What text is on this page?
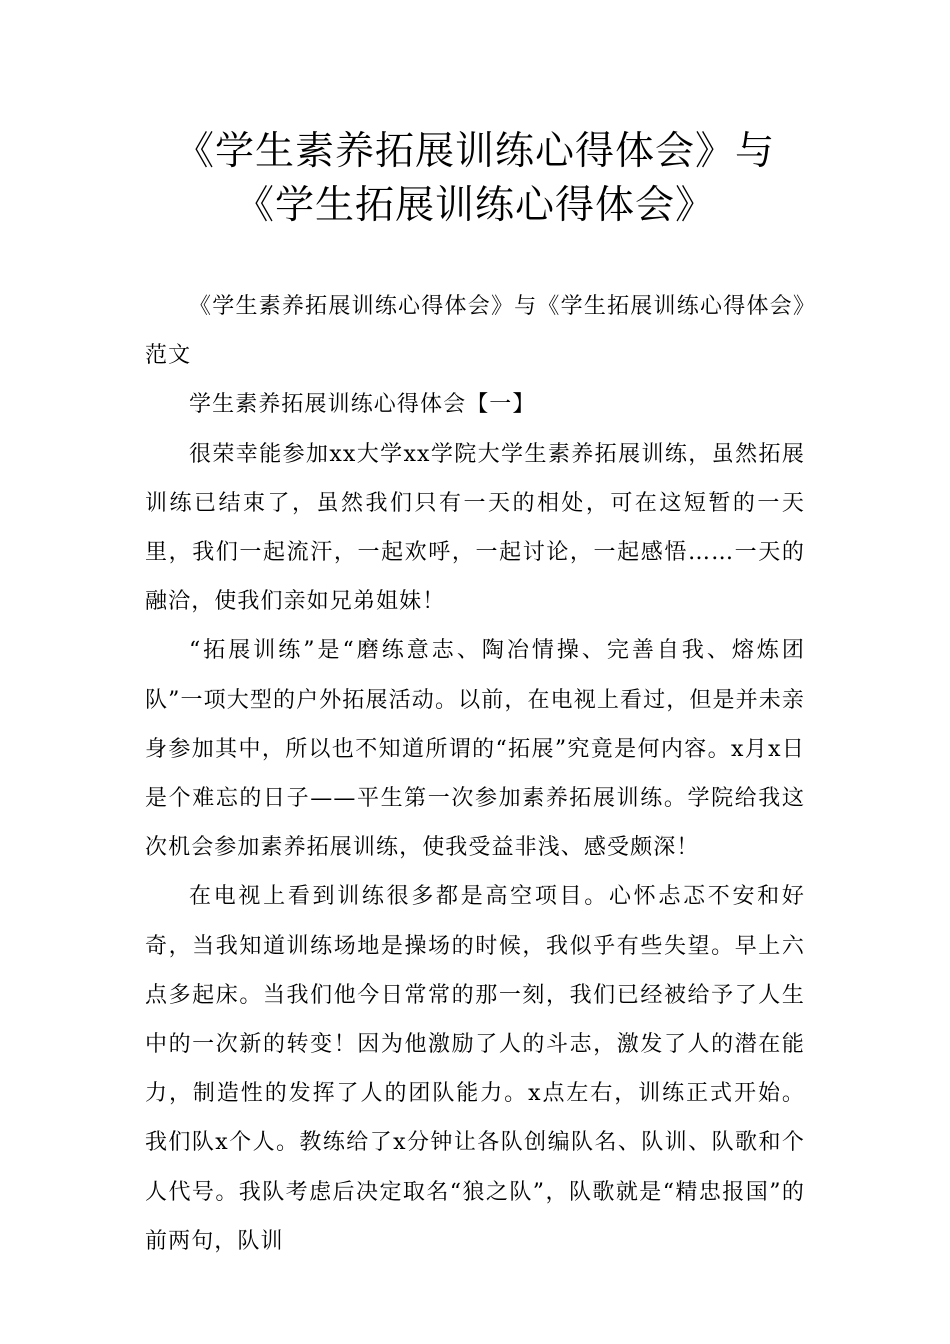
《学生素养拓展训练心得体会》与《学生拓展训练心得体会》

《学生素养拓展训练心得体会》与《学生拓展训练心得体会》范文

学生素养拓展训练心得体会【一】

很荣幸能参加xx大学xx学院大学生素养拓展训练，虽然拓展训练已结束了，虽然我们只有一天的相处，可在这短暂的一天里，我们一起流汗，一起欢呼，一起讨论，一起感悟……一天的融洽，使我们亲如兄弟姐妹！

“拓展训练”是“磨练意志、陶冶情操、完善自我、熔炼团队”一项大型的户外拓展活动。以前，在电视上看过，但是并未亲身参加其中，所以也不知道所谓的“拓展”究竟是何内容。x月x日是个难忘的日子——平生第一次参加素养拓展训练。学院给我这次机会参加素养拓展训练，使我受益非浅、感受颇深！

在电视上看到训练很多都是高空项目。心怀忐忑不安和好奇，当我知道训练场地是操场的时候，我似乎有些失望。早上六点多起床。当我们他今日常常的那一刻，我们已经被给予了人生中的一次新的转变！因为他激励了人的斗志，激发了人的潜在能力，制造性的发挥了人的团队能力。x点左右，训练正式开始。我们队x个人。教练给了x分钟让各队创编队名、队训、队歌和个人代号。我队考虑后决定取名“狼之队”，队歌就是“精忠报国”的前两句，队训
